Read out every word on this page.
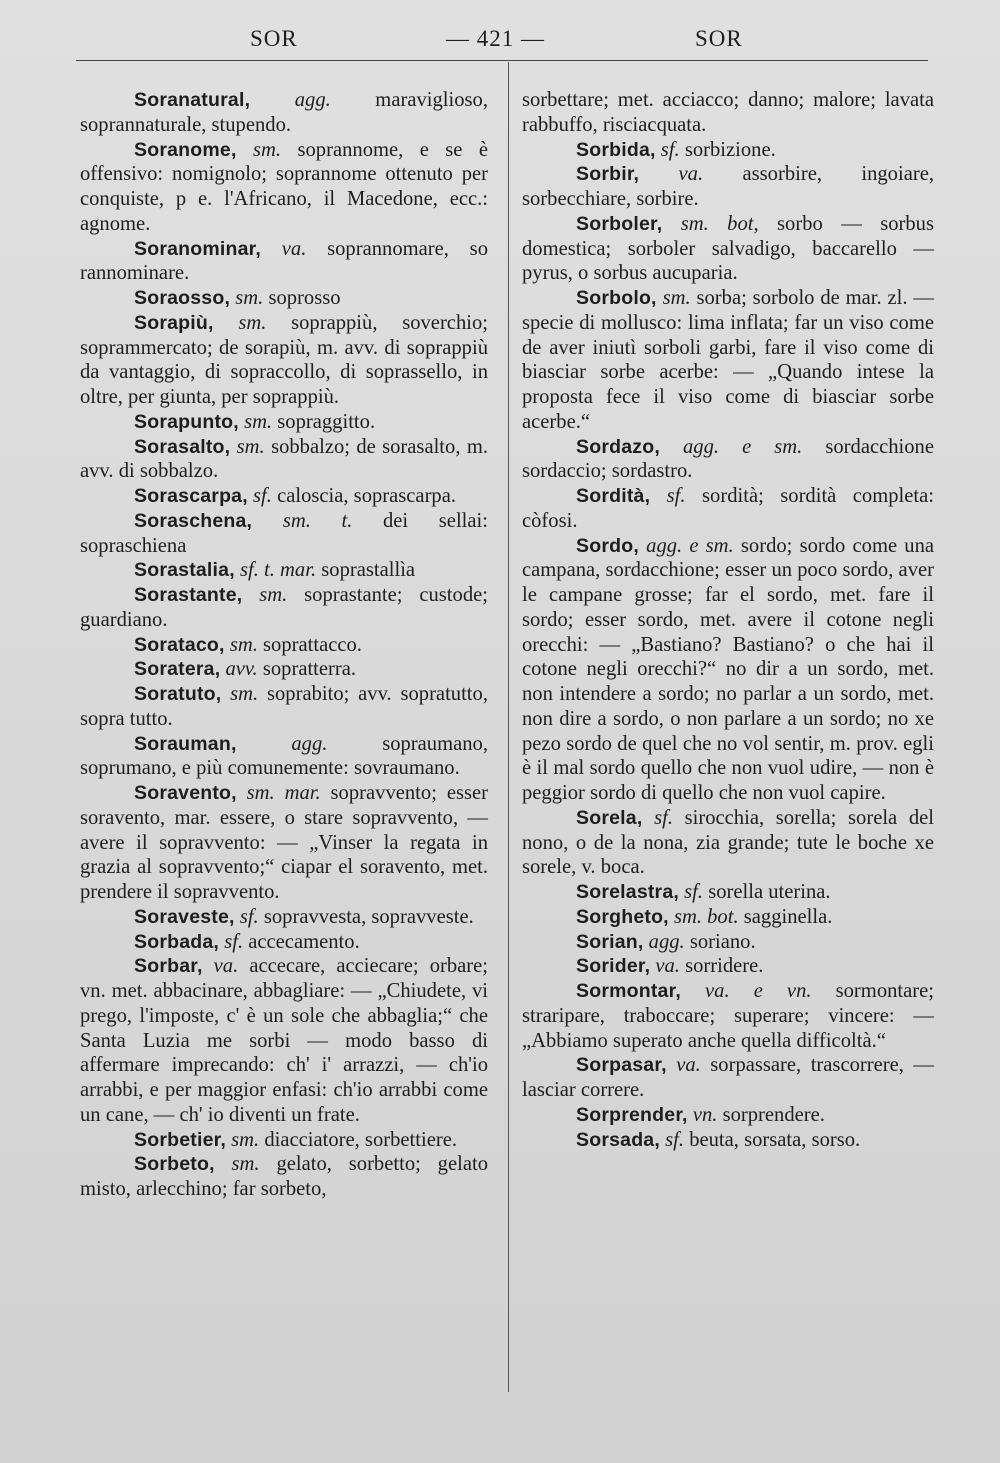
SOR	— 421 —	SOR

Soranatural, agg. maraviglioso, soprannaturale, stupendo.

Soranome, sm. soprannome, e se è offensivo: nomignolo; soprannome ottenuto per conquiste, p e. l'Africano, il Macedone, ecc.: agnome.

Soranominar, va. soprannomare, so rannominare.

Soraosso, sm. soprosso

Sorapiù, sm. soprappiù, soverchio; soprammercato; de sorapiù, m. avv. di soprappiù da vantaggio, di sopraccollo, di soprassello, in oltre, per giunta, per soprappiù.

Sorapunto, sm. sopraggitto.

Sorasalto, sm. sobbalzo; de sorasalto, m. avv. di sobbalzo.

Sorascarpa, sf. caloscia, soprascarpa.

Soraschena, sm. t. dei sellai: sopraschiena

Sorastalia, sf. t. mar. soprastallìa

Sorastante, sm. soprastante; custode; guardiano.

Sorataco, sm. soprattacco.

Soratera, avv. sopratterra.

Soratuto, sm. soprabito; avv. sopratutto, sopra tutto.

Sorauman,	agg.	sopraumano, soprumano, e più comunemente: sovraumano.

Soravento, sm. mar. sopravvento; esser soravento, mar. essere, o stare sopravvento, — avere il sopravvento: — „Vinser la regata in grazia al sopravvento;“ ciapar el soravento, met. prendere il sopravvento.

Soraveste, sf. sopravvesta, sopravveste.

Sorbada, sf. accecamento.

Sorbar, va. accecare, acciecare; orbare; vn. met. abbacinare, abbagliare: — „Chiudete, vi prego, l'imposte, c' è un sole che abbaglia;“ che Santa Luzia me sorbi — modo basso di affermare imprecando: ch' i' arrazzi, — ch'io arrabbi, e per maggior enfasi: ch'io arrabbi come un cane, — ch' io diventi un frate.

Sorbetier, sm. diacciatore, sorbettiere.

Sorbeto, sm. gelato, sorbetto; gelato misto, arlecchino; far sorbeto,

sorbettare; met. acciacco; danno; malore; lavata rabbuffo, risciacquata.

Sorbida, sf. sorbizione.

Sorbir, va. assorbire, ingoiare, sorbecchiare, sorbire.

Sorboler, sm. bot, sorbo — sorbus domestica; sorboler salvadigo, baccarello — pyrus, o sorbus aucuparia.

Sorbolo, sm. sorba; sorbolo de mar. zl. — specie di mollusco: lima inflata; far un viso come de aver iniutì sorboli garbi, fare il viso come di biasciar sorbe acerbe: — „Quando intese la proposta fece il viso come di biasciar sorbe acerbe.“

Sordazo, agg. e sm. sordacchione sordaccio; sordastro.

Sordità, sf. sordità; sordità completa: còfosi.

Sordo, agg. e sm. sordo; sordo come una campana, sordacchione; esser un poco sordo, aver le campane grosse; far el sordo, met. fare il sordo; esser sordo, met. avere il cotone negli orecchi: — „Bastiano? Bastiano? o che hai il cotone negli orecchi?“ no dir a un sordo, met. non intendere a sordo; no parlar a un sordo, met. non dire a sordo, o non parlare a un sordo; no xe pezo sordo de quel che no vol sentir, m. prov. egli è il mal sordo quello che non vuol udire, — non è peggior sordo di quello che non vuol capire.

Sorela, sf. sirocchia, sorella; sorela del nono, o de la nona, zia grande; tute le boche xe sorele, v. boca.

Sorelastra, sf. sorella uterina.

Sorgheto, sm. bot. sagginella.

Sorian, agg. soriano.

Sorider, va. sorridere.

Sormontar, va. e vn. sormontare; straripare, traboccare; superare; vincere: — „Abbiamo superato anche quella difficoltà.“

Sorpasar, va. sorpassare, trascorrere, — lasciar correre.

Sorprender, vn. sorprendere.

Sorsada, sf. beuta, sorsata, sorso.
